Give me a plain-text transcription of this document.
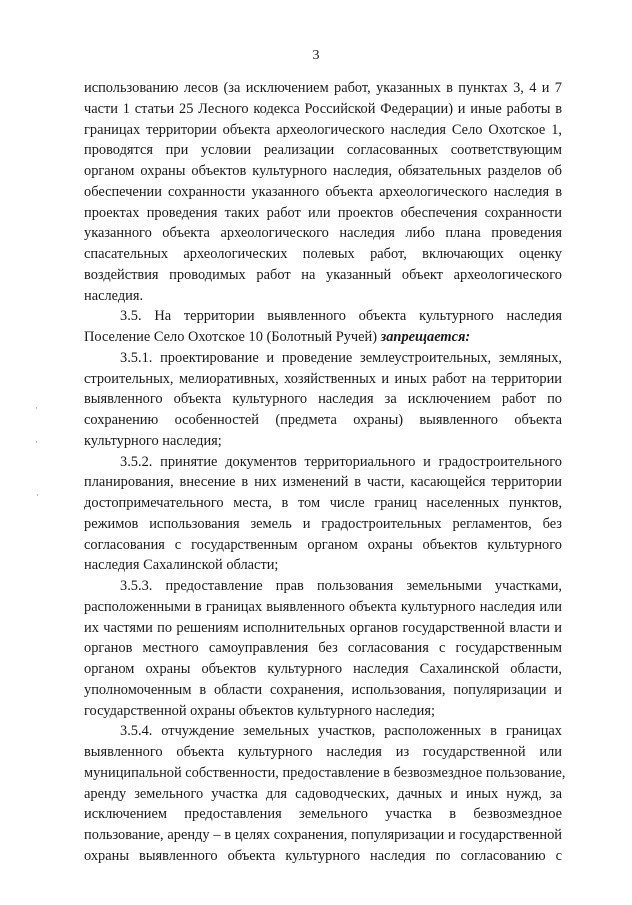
3
·
·
·
использованию лесов (за исключением работ, указанных в пунктах 3, 4 и 7
части 1 статьи 25 Лесного кодекса Российской Федерации) и иные работы в
границах территории объекта археологического наследия Село Охотское 1,
проводятся при условии реализации согласованных соответствующим
органом охраны объектов культурного наследия, обязательных разделов об
обеспечении сохранности указанного объекта археологического наследия в
проектах проведения таких работ или проектов обеспечения сохранности
указанного объекта археологического наследия либо плана проведения
спасательных археологических полевых работ, включающих оценку
воздействия проводимых работ на указанный объект археологического
наследия.
3.5. На территории выявленного объекта культурного наследия
Поселение Село Охотское 10 (Болотный Ручей) запрещается:
3.5.1. проектирование и проведение землеустроительных, земляных,
строительных, мелиоративных, хозяйственных и иных работ на территории
выявленного объекта культурного наследия за исключением работ по
сохранению особенностей (предмета охраны) выявленного объекта
культурного наследия;
3.5.2. принятие документов территориального и градостроительного
планирования, внесение в них изменений в части, касающейся территории
достопримечательного места, в том числе границ населенных пунктов,
режимов использования земель и градостроительных регламентов, без
согласования с государственным органом охраны объектов культурного
наследия Сахалинской области;
3.5.3. предоставление прав пользования земельными участками,
расположенными в границах выявленного объекта культурного наследия или
их частями по решениям исполнительных органов государственной власти и
органов местного самоуправления без согласования с государственным
органом охраны объектов культурного наследия Сахалинской области,
уполномоченным в области сохранения, использования, популяризации и
государственной охраны объектов культурного наследия;
3.5.4. отчуждение земельных участков, расположенных в границах
выявленного объекта культурного наследия из государственной или
муниципальной собственности, предоставление в безвозмездное пользование,
аренду земельного участка для садоводческих, дачных и иных нужд, за
исключением предоставления земельного участка в безвозмездное
пользование, аренду – в целях сохранения, популяризации и государственной
охраны выявленного объекта культурного наследия по согласованию с
